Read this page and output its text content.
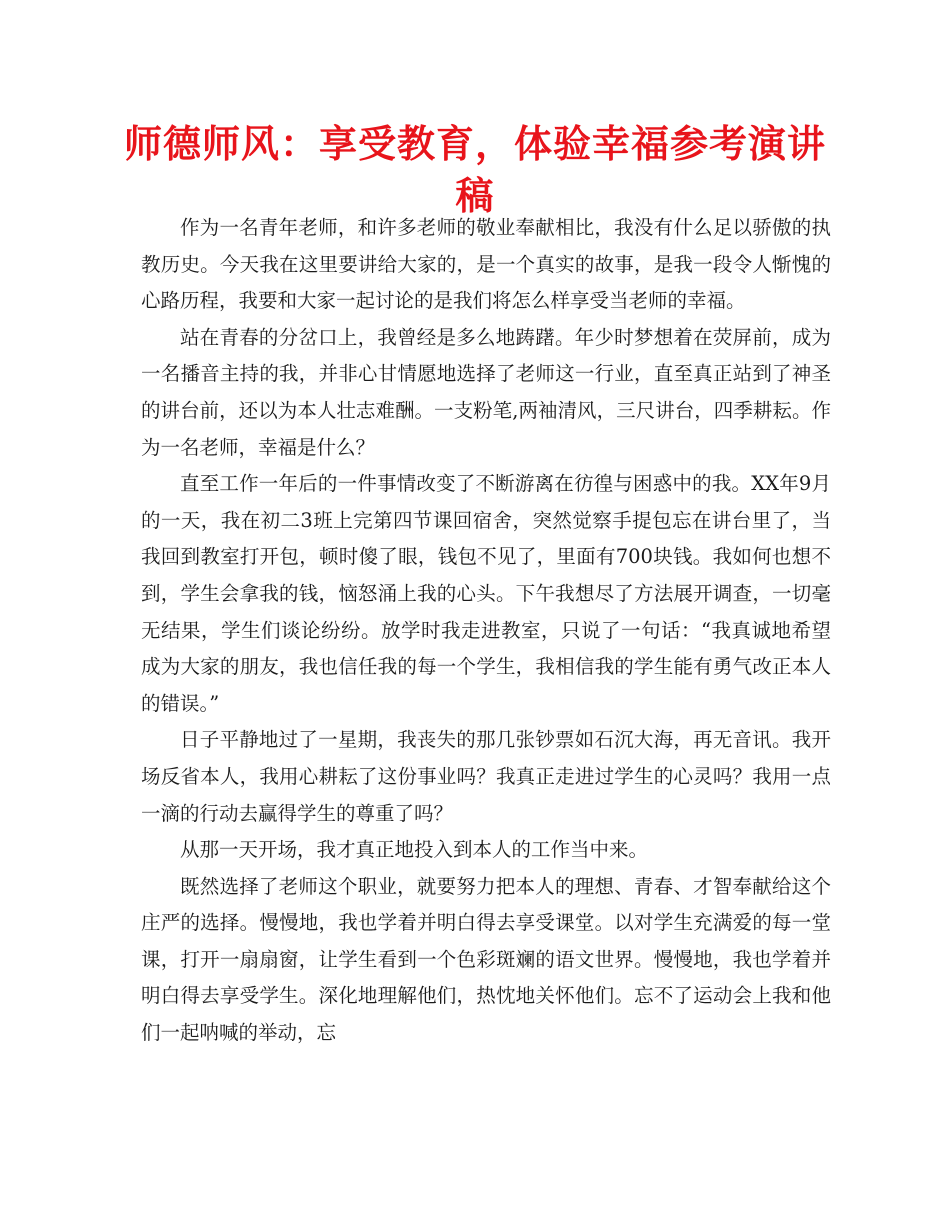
师德师风：享受教育，体验幸福参考演讲稿

作为一名青年老师，和许多老师的敬业奉献相比，我没有什么足以骄傲的执教历史。今天我在这里要讲给大家的，是一个真实的故事，是我一段令人惭愧的心路历程，我要和大家一起讨论的是我们将怎么样享受当老师的幸福。

站在青春的分岔口上，我曾经是多么地踌躇。年少时梦想着在荧屏前，成为一名播音主持的我，并非心甘情愿地选择了老师这一行业，直至真正站到了神圣的讲台前，还以为本人壮志难酬。一支粉笔,两袖清风，三尺讲台，四季耕耘。作为一名老师，幸福是什么？

直至工作一年后的一件事情改变了不断游离在彷徨与困惑中的我。XX年9月的一天，我在初二3班上完第四节课回宿舍，突然觉察手提包忘在讲台里了，当我回到教室打开包，顿时傻了眼，钱包不见了，里面有700块钱。我如何也想不到，学生会拿我的钱，恼怒涌上我的心头。下午我想尽了方法展开调查，一切毫无结果，学生们谈论纷纷。放学时我走进教室，只说了一句话：“我真诚地希望成为大家的朋友，我也信任我的每一个学生，我相信我的学生能有勇气改正本人的错误。”

日子平静地过了一星期，我丧失的那几张钞票如石沉大海，再无音讯。我开场反省本人，我用心耕耘了这份事业吗？我真正走进过学生的心灵吗？我用一点一滴的行动去赢得学生的尊重了吗？

从那一天开场，我才真正地投入到本人的工作当中来。

既然选择了老师这个职业，就要努力把本人的理想、青春、才智奉献给这个庄严的选择。慢慢地，我也学着并明白得去享受课堂。以对学生充满爱的每一堂课，打开一扇扇窗，让学生看到一个色彩斑斓的语文世界。慢慢地，我也学着并明白得去享受学生。深化地理解他们，热忱地关怀他们。忘不了运动会上我和他们一起呐喊的举动，忘
